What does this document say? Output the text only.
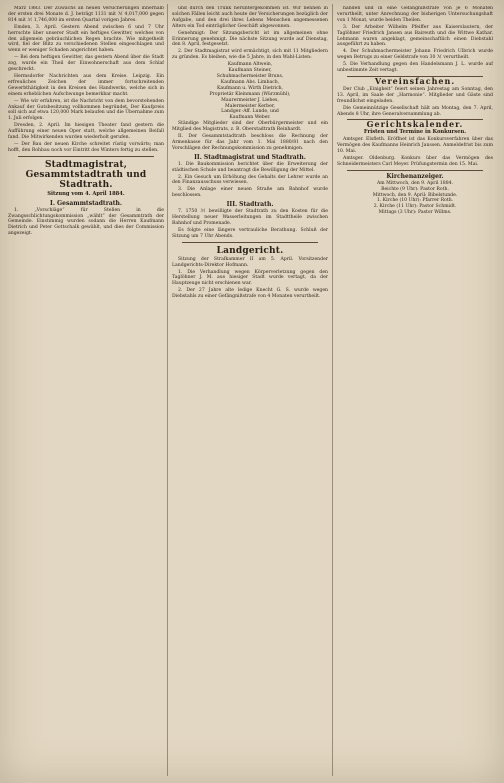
Mārz 1883. Der Zuwachs an neuen Versicherungen innerhalb der ersten drei Monate d. J. beträgt 1131 mit ℳ 4,017,000 gegen 814 mit ℳ 1,746,000 im ersten Quartal vorigen Jahres.

Emden, 3. April. Gestern Abend zwischen 6 und 7 Uhr herrschte über unserer Stadt ein heftiges Gewitter, welches von den allgemein gebräuchlichen Regen brachte. Wie mitgetheilt wird, fiel der Blitz zu verschiedenen Stellen eingeschlagen und wenn er weniger Schaden angerichtet haben.

— Bei dem heftigen Gewitter, das gestern Abend über die Stadt zog, wurde ein Theil der Einwohnerschaft aus dem Schlaf geschreckt.

Hermsdorfer Nachrichten aus dem Kreise. Leipzig. Ein erfreuliches Zeichen der immer fortschreitenden Gewerbthätigkeit in den Kreisen des Handwerks, welche sich in einem erheblichen Aufschwunge bemerkbar macht.

— Wie wir erfahren, ist die Nachricht von dem bevorstehenden Ankauf der Gutsbesitzung vollkommen begründet. Der Kaufpreis soll sich auf etwa 120,000 Mark belaufen und die Übernahme zum 1. Juli erfolgen.

Dresden, 2. April. Im hiesigen Theater fand gestern die Aufführung einer neuen Oper statt, welche allgemeinen Beifall fand. Die Mitwirkenden wurden wiederholt gerufen.

— Der Bau der neuen Kirche schreitet rüstig vorwärts; man hofft, den Rohbau noch vor Eintritt des Winters fertig zu stellen.

Stadtmagistrat, Gesammtstadtrath und Stadtrath.
Sitzung vom 4. April 1884.
I. Gesammtstadtrath.

1. „Vorschläge“ für Stellen in die Zwangsschlichtungskommission „wählt“ der Gesammtrath der Gemeinde. Einstimmig wurden sodann die Herren Kaufmann Dietrich und Peter Gottschalk gewählt, und dies der Commission angezeigt.

und durch den Trunk heruntergekommen ist. Wir nennen in solchen Fällen leicht auch heute der Versicherungen bezüglich der Aufgabe, und den drei ihres Lebens Menschen angemessenen Alters ein Tod einträglicher Geschäft abgewonnen.

Genehmigt: Der Sitzungsbericht ist im allgemeinen ohne Erinnerung genehmigt. Die nächste Sitzung wurde auf Dienstag, den 8. April, festgesetzt.

2. Der Stadtmagistrat wird ermächtigt, sich mit 11 Mitgliedern zu gründen. Es bleiben, wie die 5 Jahre, in den Wahl-Listen:

Kaufmann Altwein,
Kaufmann Steiner,
Schuhmachermeister Bruns,
Kaufmann Abs. Limbach,
Kaufmann u. Wirth Dietrich,
Proprietär Kleinmann (Würzmühl),
Maurermeister J. Liebes,
Malermeister Kerber,
Landger.-Aff. Lunde, und
Kaufmann Weber.

Ständige Mitglieder sind der Oberbürgermeister und ein Mitglied des Magistrats, z. B. Oberstadtrath Reinhardt.

II. Der Gesammtstadtrath beschloss die Rechnung der Armenkasse für das Jahr vom 1. Mai 1880/81 nach den Vorschlägen der Rechnungskommission zu genehmigen.

II. Stadtmagistrat und Stadtrath.

1. Die Baukommission berichtet über die Erweiterung der städtischen Schule und beantragt die Bewilligung der Mittel.

2. Ein Gesuch um Erhöhung des Gehalts der Lehrer wurde an den Finanzausschuss verwiesen.

3. Die Anlage einer neuen Straße am Bahnhof wurde beschlossen.

III. Stadtrath.

7. 1750 ℳ bewilligte der Stadtrath zu den Kosten für die Herstellung neuer Wasserleitungen im Stadttheile zwischen Bahnhof und Promenade.

Es folgte eine längere vertrauliche Berathung. Schluß der Sitzung um 7 Uhr Abends.

Landgericht.

Sitzung der Strafkammer II am 5. April. Vorsitzender Landgerichts-Direktor Hofmann.

1. Die Verhandlung wegen Körperverletzung gegen den Taglöhner J. M. aus hiesiger Stadt wurde vertagt, da der Hauptzeuge nicht erschienen war.

2. Der 27 Jahre alte ledige Knecht G. S. wurde wegen Diebstahls zu einer Gefängnißstrafe von 4 Monaten verurtheilt.

handen und in eine Gefängnißstrafe von je 6 Monaten verurtheilt, unter Anrechnung der bisherigen Untersuchungshaft von 1 Monat, wurde beiden Theilen.

3. Der Arbeiter Wilhelm Pfeiffer aus Kaiserslautern, der Taglöhner Friedrich Jansen aus Baireuth und die Wittwe Kathar. Lehmann waren angeklagt, gemeinschaftlich einen Diebstahl ausgeführt zu haben.

4. Der Schuhmachermeister Johann Friedrich Ulbrich wurde wegen Betrugs zu einer Geldstrafe von 30 ℳ verurtheilt.

5. Die Verhandlung gegen den Handelsmann J. L. wurde auf unbestimmte Zeit vertagt.

Vereinsfachen.

Der Club „Einigkeit“ feiert seinen Jahrestag am Sonntag, den 13. April, im Saale der „Harmonie“. Mitglieder und Gäste sind freundlichst eingeladen.

Die Gemeinnützige Gesellschaft hält am Montag, den 7. April, Abends 8 Uhr, ihre Generalversammlung ab.

Gerichtskalender.
Fristen und Termine in Konkursen.

Amtsger. Elsfleth. Eröffnet ist das Konkursverfahren über das Vermögen des Kaufmanns Heinrich Janssen. Anmeldefrist bis zum 10. Mai.

Amtsger. Oldenburg. Konkurs über das Vermögen des Schneidermeisters Carl Meyer. Prüfungstermin den 15. Mai.

Kirchenanzeiger.
Am Mittwoch, den 9. April 1884.
Beichte (9 Uhr): Pastor Roth.
Mittwoch, den 9. April: Bibelstunde.
1. Kirche (10 Uhr): Pfarrer Roth.
2. Kirche (11 Uhr): Pastor Schmidt.
Mittags (3 Uhr): Pastor Willms.
